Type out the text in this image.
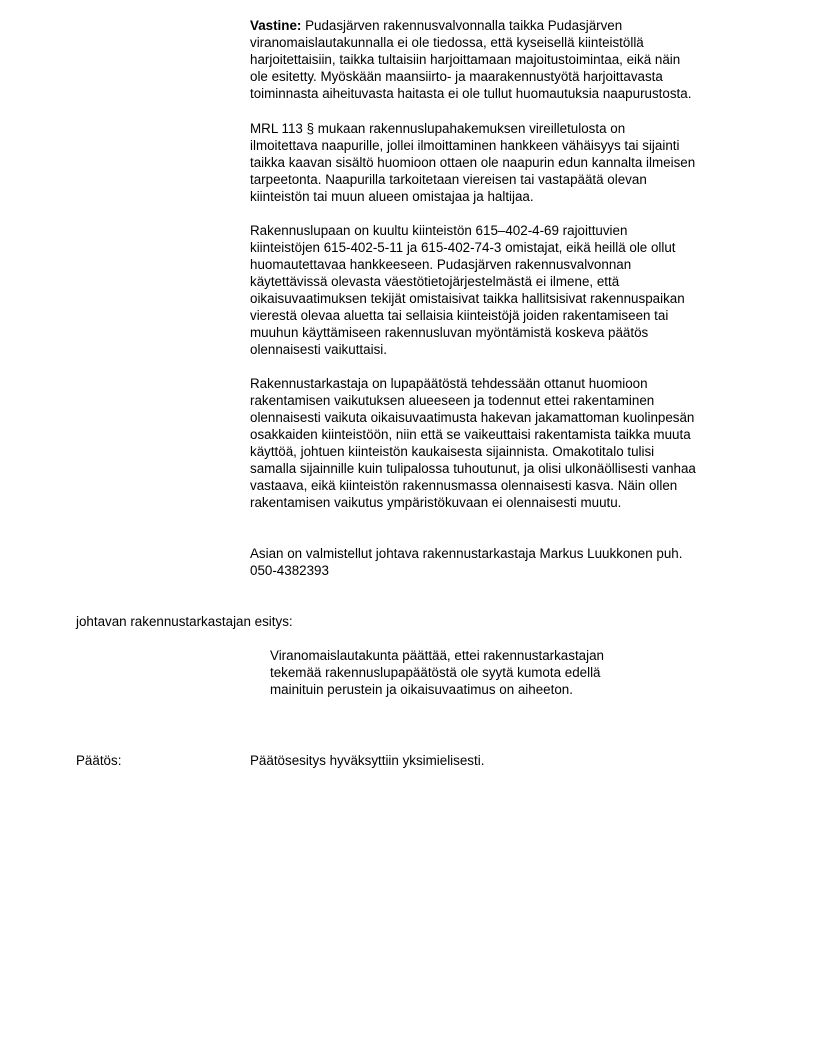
Vastine: Pudasjärven rakennusvalvonnalla taikka Pudasjärven
viranomaislautakunnalla ei ole tiedossa, että kyseisellä kiinteistöllä
harjoitettaisiin, taikka tultaisiin harjoittamaan majoitustoimintaa, eikä näin
ole esitetty. Myöskään maansiirto- ja maarakennustyötä harjoittavasta
toiminnasta aiheituvasta haitasta ei ole tullut huomautuksia naapurustosta.

MRL 113 § mukaan rakennuslupahakemuksen vireilletulosta on
ilmoitettava naapurille, jollei ilmoittaminen hankkeen vähäisyys tai sijainti
taikka kaavan sisältö huomioon ottaen ole naapurin edun kannalta ilmeisen
tarpeetonta. Naapurilla tarkoitetaan viereisen tai vastapäätä olevan
kiinteistön tai muun alueen omistajaa ja haltijaa.

Rakennuslupaan on kuultu kiinteistön 615–402-4-69 rajoittuvien
kiinteistöjen 615-402-5-11 ja 615-402-74-3 omistajat, eikä heillä ole ollut
huomautettavaa hankkeeseen. Pudasjärven rakennusvalvonnan
käytettävissä olevasta väestötietojärjestelmästä ei ilmene, että
oikaisuvaatimuksen tekijät omistaisivat taikka hallitsisivat rakennuspaikan
vierestä olevaa aluetta tai sellaisia kiinteistöjä joiden rakentamiseen tai
muuhun käyttämiseen rakennusluvan myöntämistä koskeva päätös
olennaisesti vaikuttaisi.

Rakennustarkastaja on lupapäätöstä tehdessään ottanut huomioon
rakentamisen vaikutuksen alueeseen ja todennut ettei rakentaminen
olennaisesti vaikuta oikaisuvaatimusta hakevan jakamattoman kuolinpesän
osakkaiden kiinteistöön, niin että se vaikeuttaisi rakentamista taikka muuta
käyttöä, johtuen kiinteistön kaukaisesta sijainnista. Omakotitalo tulisi
samalla sijainnille kuin tulipalossa tuhoutunut, ja olisi ulkonäöllisesti vanhaa
vastaava, eikä kiinteistön rakennusmassa olennaisesti kasva. Näin ollen
rakentamisen vaikutus ympäristökuvaan ei olennaisesti muutu.

Asian on valmistellut johtava rakennustarkastaja Markus Luukkonen puh.
050-4382393

johtavan rakennustarkastajan esitys:

Viranomaislautakunta päättää, ettei rakennustarkastajan
tekemää rakennuslupapäätöstä ole syytä kumota edellä
mainituin perustein ja oikaisuvaatimus on aiheeton.

Päätös:	Päätösesitys hyväksyttiin yksimielisesti.
